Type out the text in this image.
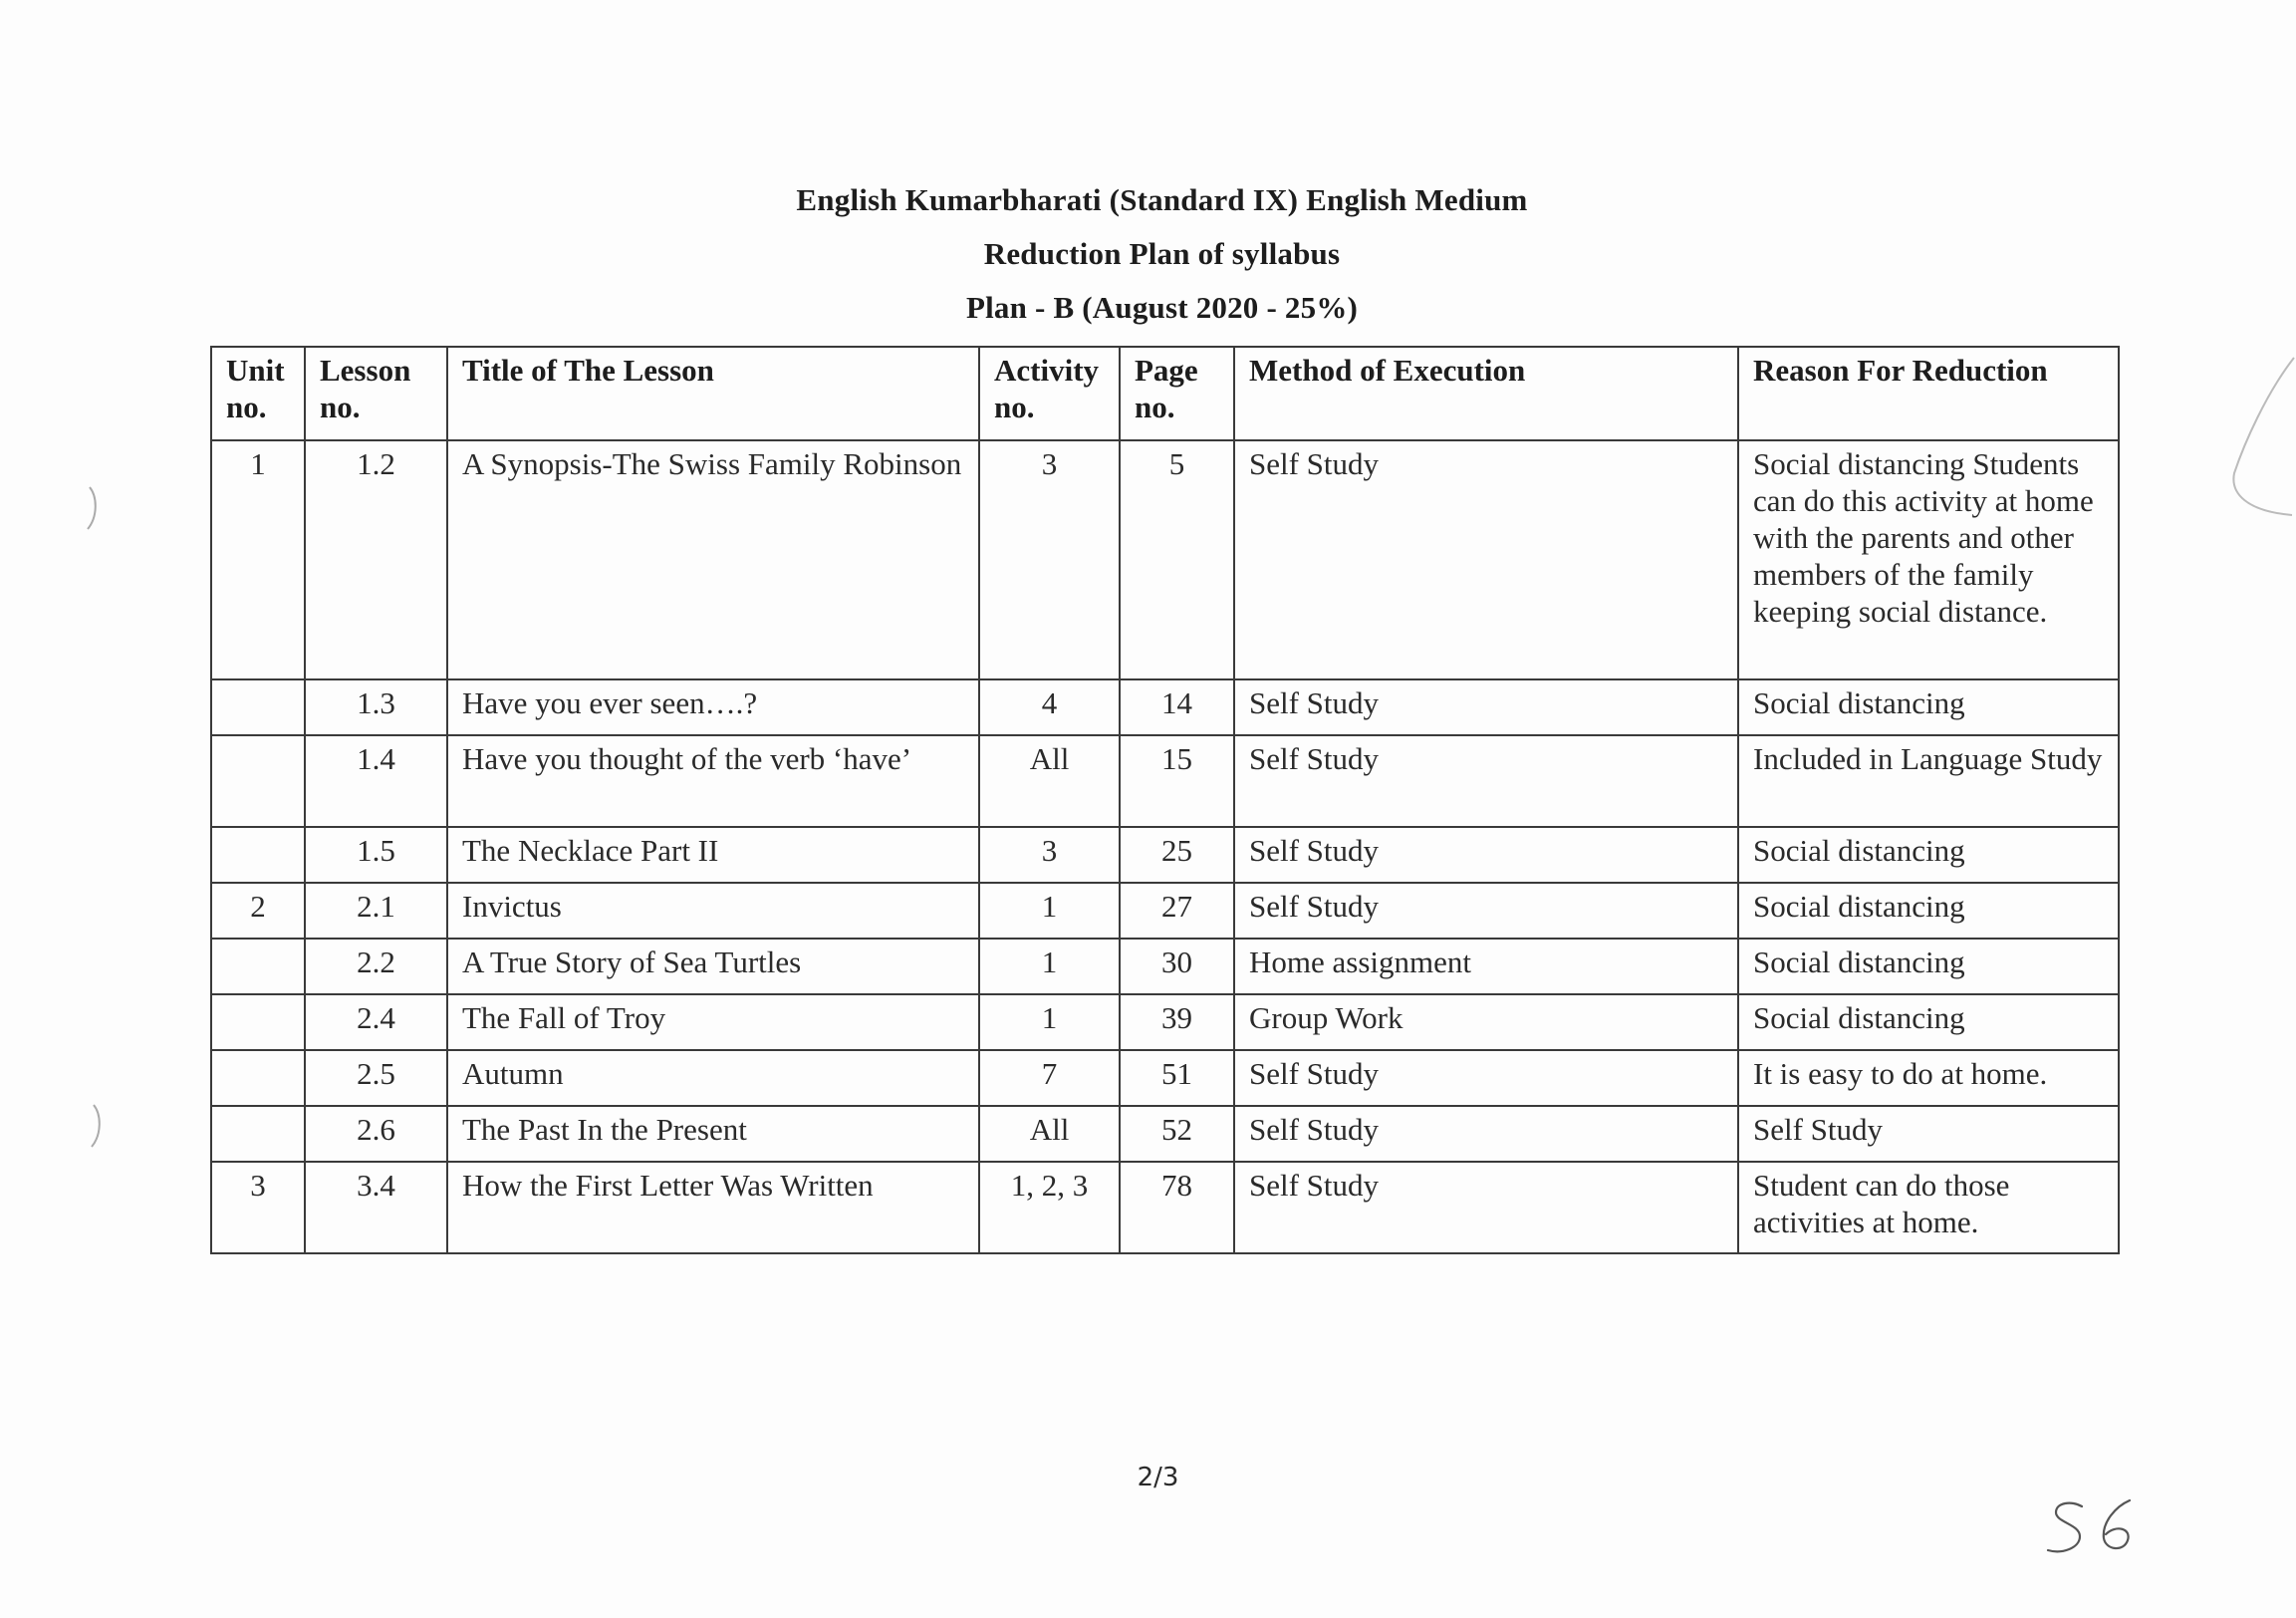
English Kumarbharati (Standard IX) English Medium
Reduction Plan of syllabus
Plan - B (August 2020 - 25%)
Unit no.	Lesson no.	Title of The Lesson	Activity no.	Page no.	Method of Execution	Reason For Reduction
1	1.2	A Synopsis-The Swiss Family Robinson	3	5	Self Study	Social distancing Students can do this activity at home with the parents and other members of the family keeping social distance.
	1.3	Have you ever seen….?	4	14	Self Study	Social distancing
	1.4	Have you thought of the verb ‘have’	All	15	Self Study	Included in Language Study
	1.5	The Necklace Part II	3	25	Self Study	Social distancing
2	2.1	Invictus	1	27	Self Study	Social distancing
	2.2	A True Story of Sea Turtles	1	30	Home assignment	Social distancing
	2.4	The Fall of Troy	1	39	Group Work	Social distancing
	2.5	Autumn	7	51	Self Study	It is easy to do at home.
	2.6	The Past In the Present	All	52	Self Study	Self Study
3	3.4	How the First Letter Was Written	1, 2, 3	78	Self Study	Student can do those activities at home.
2/3
